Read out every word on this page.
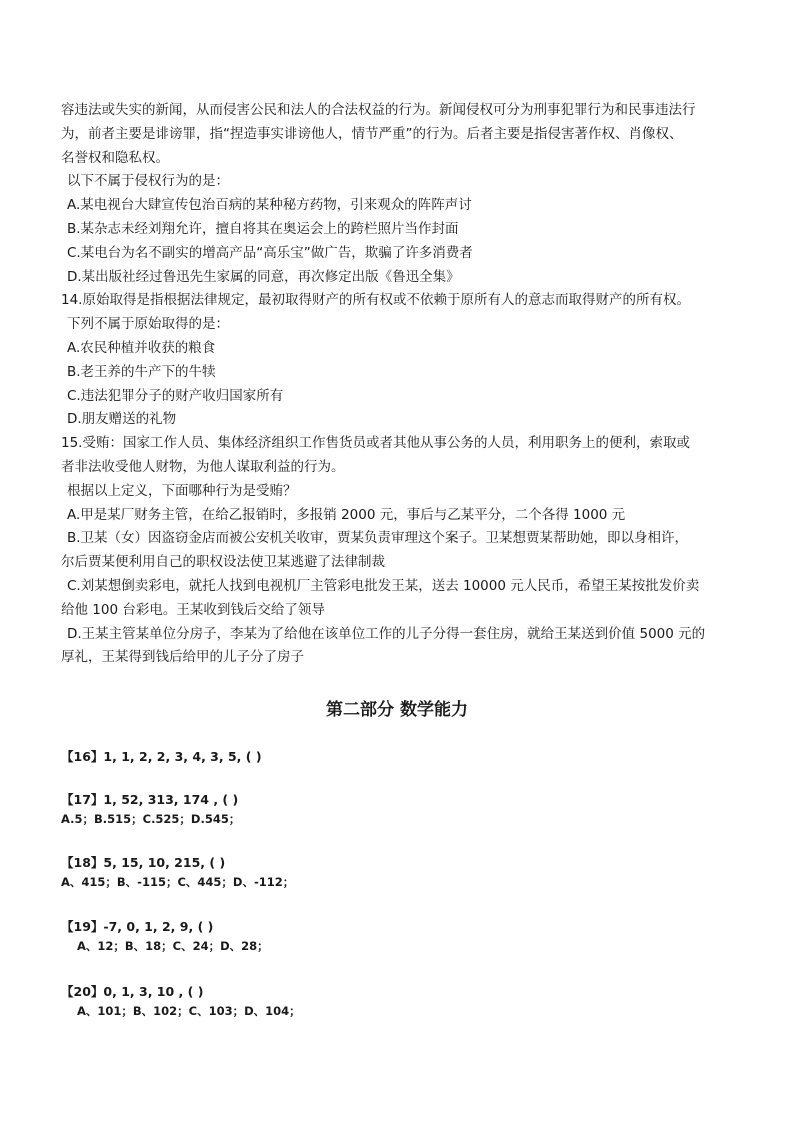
容违法或失实的新闻，从而侵害公民和法人的合法权益的行为。新闻侵权可分为刑事犯罪行为和民事违法行
为，前者主要是诽谤罪，指“捏造事实诽谤他人，情节严重”的行为。后者主要是指侵害著作权、肖像权、
名誉权和隐私权。
以下不属于侵权行为的是：
A.某电视台大肆宣传包治百病的某种秘方药物，引来观众的阵阵声讨
B.某杂志未经刘翔允许，擅自将其在奥运会上的跨栏照片当作封面
C.某电台为名不副实的增高产品“高乐宝”做广告，欺骗了许多消费者
D.某出版社经过鲁迅先生家属的同意，再次修定出版《鲁迅全集》
14.原始取得是指根据法律规定，最初取得财产的所有权或不依赖于原所有人的意志而取得财产的所有权。
下列不属于原始取得的是：
A.农民种植并收获的粮食
B.老王养的牛产下的牛犊
C.违法犯罪分子的财产收归国家所有
D.朋友赠送的礼物
15.受贿：国家工作人员、集体经济组织工作售货员或者其他从事公务的人员，利用职务上的便利，索取或
者非法收受他人财物，为他人谋取利益的行为。
根据以上定义，下面哪种行为是受贿？
A.甲是某厂财务主管，在给乙报销时，多报销 2000 元，事后与乙某平分，二个各得 1000 元
B.卫某（女）因盗窃金店而被公安机关收审，贾某负责审理这个案子。卫某想贾某帮助她，即以身相许，
尔后贾某便利用自己的职权设法使卫某逃避了法律制裁
C.刘某想倒卖彩电，就托人找到电视机厂主管彩电批发王某，送去 10000 元人民币，希望王某按批发价卖
给他 100 台彩电。王某收到钱后交给了领导
D.王某主管某单位分房子，李某为了给他在该单位工作的儿子分得一套住房，就给王某送到价值 5000 元的
厚礼，王某得到钱后给甲的儿子分了房子
第二部分 数学能力
【16】1, 1, 2, 2, 3, 4, 3, 5, ( )
【17】1, 52, 313, 174 , ( )
A.5；B.515；C.525；D.545；
【18】5, 15, 10, 215, ( )
A、415；B、-115；C、445；D、-112；
【19】-7, 0, 1, 2, 9, ( )
A、12；B、18；C、24；D、28；
【20】0, 1, 3, 10 , ( )
A、101；B、102；C、103；D、104；
